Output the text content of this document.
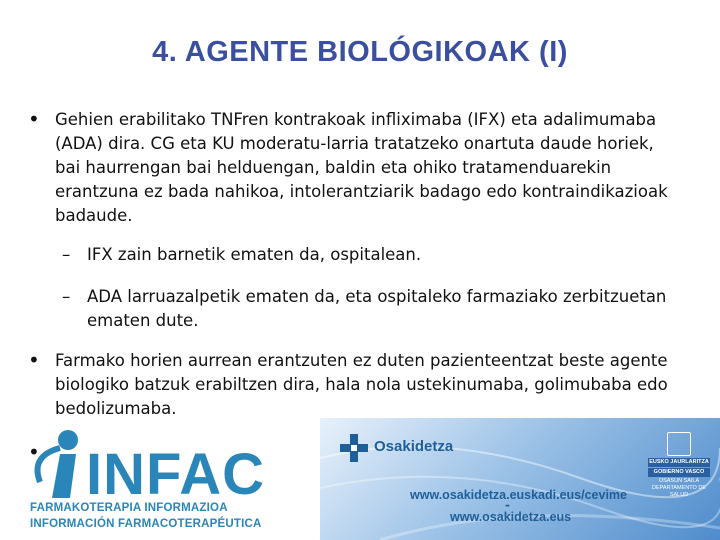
4. AGENTE BIOLÓGIKOAK (I)
• Gehien erabilitako TNFren kontrakoak infliximaba (IFX) eta adalimumaba
(ADA) dira. CG eta KU moderatu-larria tratatzeko onartuta daude horiek,
bai haurrengan bai helduengan, baldin eta ohiko tratamenduarekin
erantzuna ez bada nahikoa, intolerantziarik badago edo kontraindikazioak
badaude.
– IFX zain barnetik ematen da, ospitalean.
– ADA larruazalpetik ematen da, eta ospitaleko farmaziako zerbitzuetan
ematen dute.
• Farmako horien aurrean erantzuten ez duten pazienteentzat beste agente
biologiko batzuk erabiltzen dira, hala nola ustekinumaba, golimubaba edo
bedolizumaba.
INFAC
FARMAKOTERAPIA INFORMAZIOA
INFORMACIÓN FARMACOTERAPÉUTICA
Osakidetza
EUSKO JAURLARITZA
GOBIERNO VASCO
OSASUN SAILA
DEPARTAMENTO DE SALUD
www.osakidetza.euskadi.eus/cevime
-
www.osakidetza.eus
•
